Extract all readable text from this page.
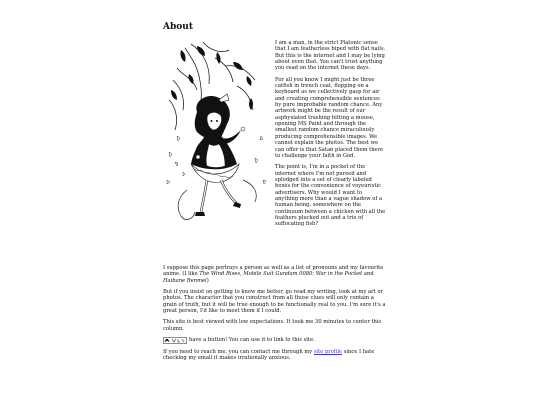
About

I am a man, in the strict Platonic sense that I am featherless biped with flat nails. But this is the internet and I may be lying about even that. You can't trust anything you read on the internet these days.

For all you know I might just be three catfish in trench coat, flopping on a keyboard as we collectively gasp for air and creating comprehensible sentences by pure improbable random chance. Any artwork might be the result of our asphyxiated trashing hitting a mouse, opening MS Paint and through the smallest random chance miraculously producing comprehensible images. We cannot explain the photos. The best we can offer is that Satan placed them there to challenge your faith in God.

The point is, I'm in a pocket of the internet where I'm not pureed and splodged into a set of clearly labeled boxes for the convenience of voyeuristic advertisers. Why would I want to anything more than a vague shadow of a human being, somewhere on the continuum between a chicken with all the feathers plucked out and a trio of suffocating fish?

I suppose this page portrays a person as well as a list of pronouns and my favourite anime. (I like The Wind Rises, Mobile Suit Gundam 0080: War in the Pocket and Haibane Renmei)

But if you insist on getting to know me better, go read my writing, look at my art or photos. The character that you construct from all those clues will only contain a grain of truth, but it will be true enough to be functionally real to you. I'm sure it's a great person, I'd like to meet them if I could.

This site is best viewed with low expectations. It took me 30 minutes to center this column.

have a button! You can use it to link to this site.

If you need to reach me, you can contact me through my site profile since I hate checking my email it makes irrationally anxious.
